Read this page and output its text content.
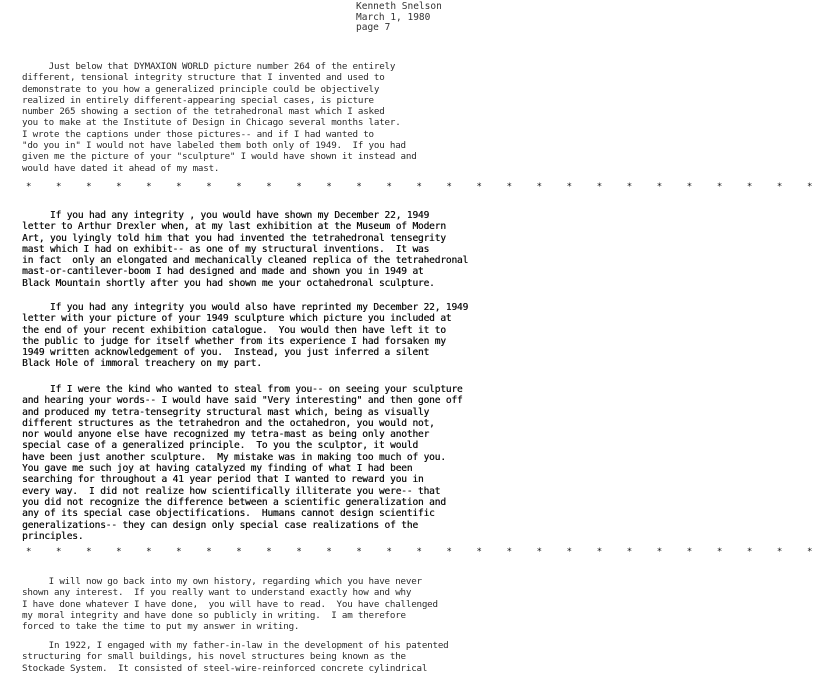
Kenneth Snelson
March 1, 1980
page 7
Just below that DYMAXION WORLD picture number 264 of the entirely
different, tensional integrity structure that I invented and used to
demonstrate to you how a generalized principle could be objectively
realized in entirely different-appearing special cases, is picture
number 265 showing a section of the tetrahedronal mast which I asked
you to make at the Institute of Design in Chicago several months later.
I wrote the captions under those pictures-- and if I had wanted to
"do you in" I would not have labeled them both only of 1949.  If you had
given me the picture of your "sculpture" I would have shown it instead and
would have dated it ahead of my mast.
* * * * * * * * * * * * * * * * * * * * * * * * * * *
If you had any integrity , you would have shown my December 22, 1949
letter to Arthur Drexler when, at my last exhibition at the Museum of Modern
Art, you lyingly told him that you had invented the tetrahedronal tensegrity
mast which I had on exhibit-- as one of my structural inventions.  It was
in fact  only an elongated and mechanically cleaned replica of the tetrahedronal
mast-or-cantilever-boom I had designed and made and shown you in 1949 at
Black Mountain shortly after you had shown me your octahedronal sculpture.
If you had any integrity you would also have reprinted my December 22, 1949
letter with your picture of your 1949 sculpture which picture you included at
the end of your recent exhibition catalogue.  You would then have left it to
the public to judge for itself whether from its experience I had forsaken my
1949 written acknowledgement of you.  Instead, you just inferred a silent
Black Hole of immoral treachery on my part.
If I were the kind who wanted to steal from you-- on seeing your sculpture
and hearing your words-- I would have said "Very interesting" and then gone off
and produced my tetra-tensegrity structural mast which, being as visually
different structures as the tetrahedron and the octahedron, you would not,
nor would anyone else have recognized my tetra-mast as being only another
special case of a generalized principle.  To you the sculptor, it would
have been just another sculpture.  My mistake was in making too much of you.
You gave me such joy at having catalyzed my finding of what I had been
searching for throughout a 41 year period that I wanted to reward you in
every way.  I did not realize how scientifically illiterate you were-- that
you did not recognize the difference between a scientific generalization and
any of its special case objectifications.  Humans cannot design scientific
generalizations-- they can design only special case realizations of the
principles.
* * * * * * * * * * * * * * * * * * * * * * * * * * *
I will now go back into my own history, regarding which you have never
shown any interest.  If you really want to understand exactly how and why
I have done whatever I have done,  you will have to read.  You have challenged
my moral integrity and have done so publicly in writing.  I am therefore
forced to take the time to put my answer in writing.
In 1922, I engaged with my father-in-law in the development of his patented
structuring for small buildings, his novel structures being known as the
Stockade System.  It consisted of steel-wire-reinforced concrete cylindrical
